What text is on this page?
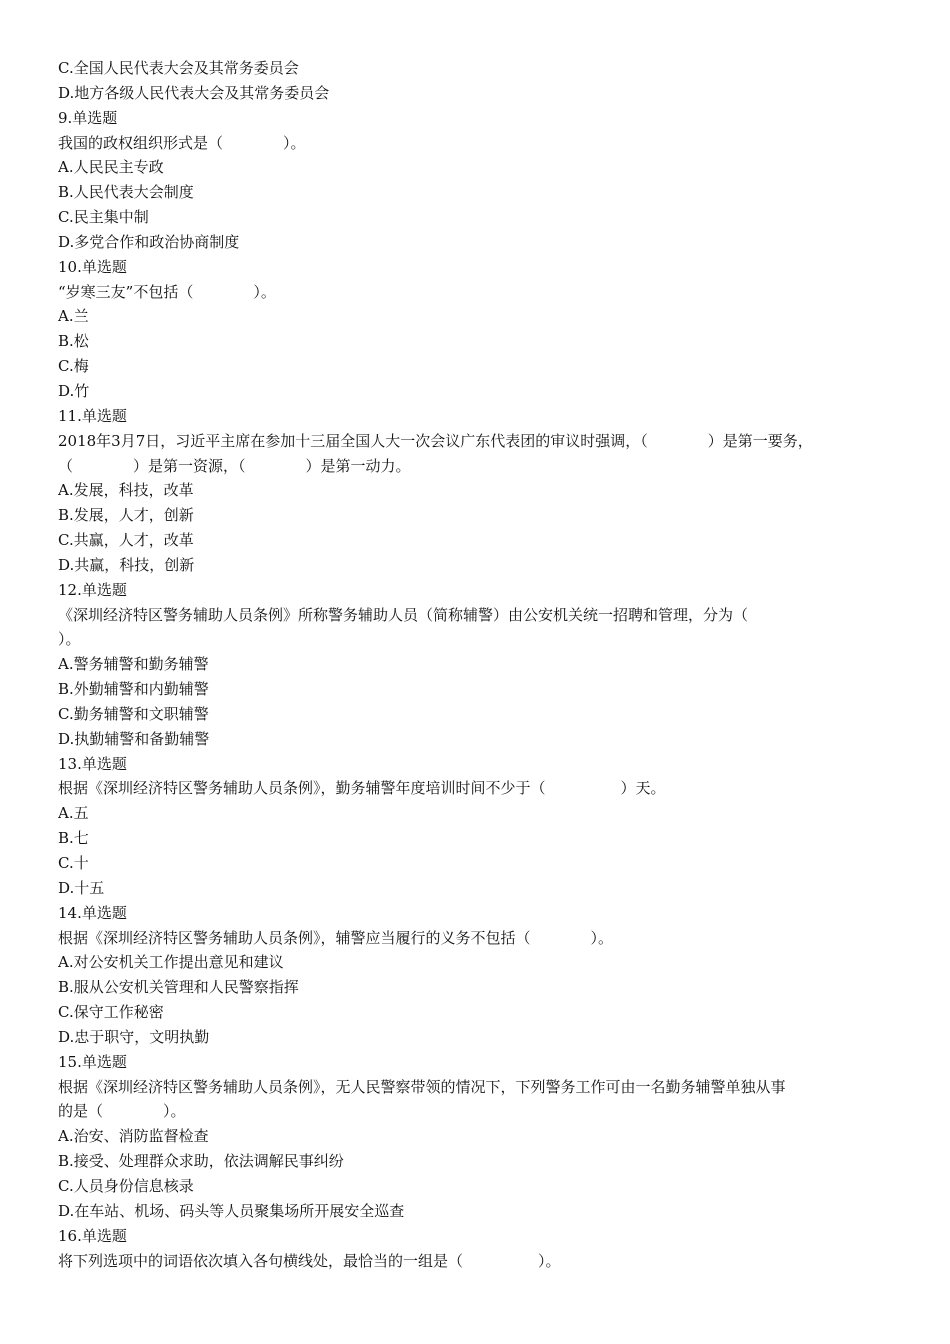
C.全国人民代表大会及其常务委员会
D.地方各级人民代表大会及其常务委员会
9.单选题
我国的政权组织形式是（　　　　）。
A.人民民主专政
B.人民代表大会制度
C.民主集中制
D.多党合作和政治协商制度
10.单选题
“岁寒三友”不包括（　　　　）。
A.兰
B.松
C.梅
D.竹
11.单选题
2018年3月7日，习近平主席在参加十三届全国人大一次会议广东代表团的审议时强调，（　　　　）是第一要务，
（　　　　）是第一资源，（　　　　）是第一动力。
A.发展，科技，改革
B.发展，人才，创新
C.共赢，人才，改革
D.共赢，科技，创新
12.单选题
《深圳经济特区警务辅助人员条例》所称警务辅助人员（简称辅警）由公安机关统一招聘和管理，分为（
）。
A.警务辅警和勤务辅警
B.外勤辅警和内勤辅警
C.勤务辅警和文职辅警
D.执勤辅警和备勤辅警
13.单选题
根据《深圳经济特区警务辅助人员条例》，勤务辅警年度培训时间不少于（　　　　　）天。
A.五
B.七
C.十
D.十五
14.单选题
根据《深圳经济特区警务辅助人员条例》，辅警应当履行的义务不包括（　　　　）。
A.对公安机关工作提出意见和建议
B.服从公安机关管理和人民警察指挥
C.保守工作秘密
D.忠于职守，文明执勤
15.单选题
根据《深圳经济特区警务辅助人员条例》，无人民警察带领的情况下，下列警务工作可由一名勤务辅警单独从事
的是（　　　　）。
A.治安、消防监督检查
B.接受、处理群众求助，依法调解民事纠纷
C.人员身份信息核录
D.在车站、机场、码头等人员聚集场所开展安全巡查
16.单选题
将下列选项中的词语依次填入各句横线处，最恰当的一组是（　　　　　）。
